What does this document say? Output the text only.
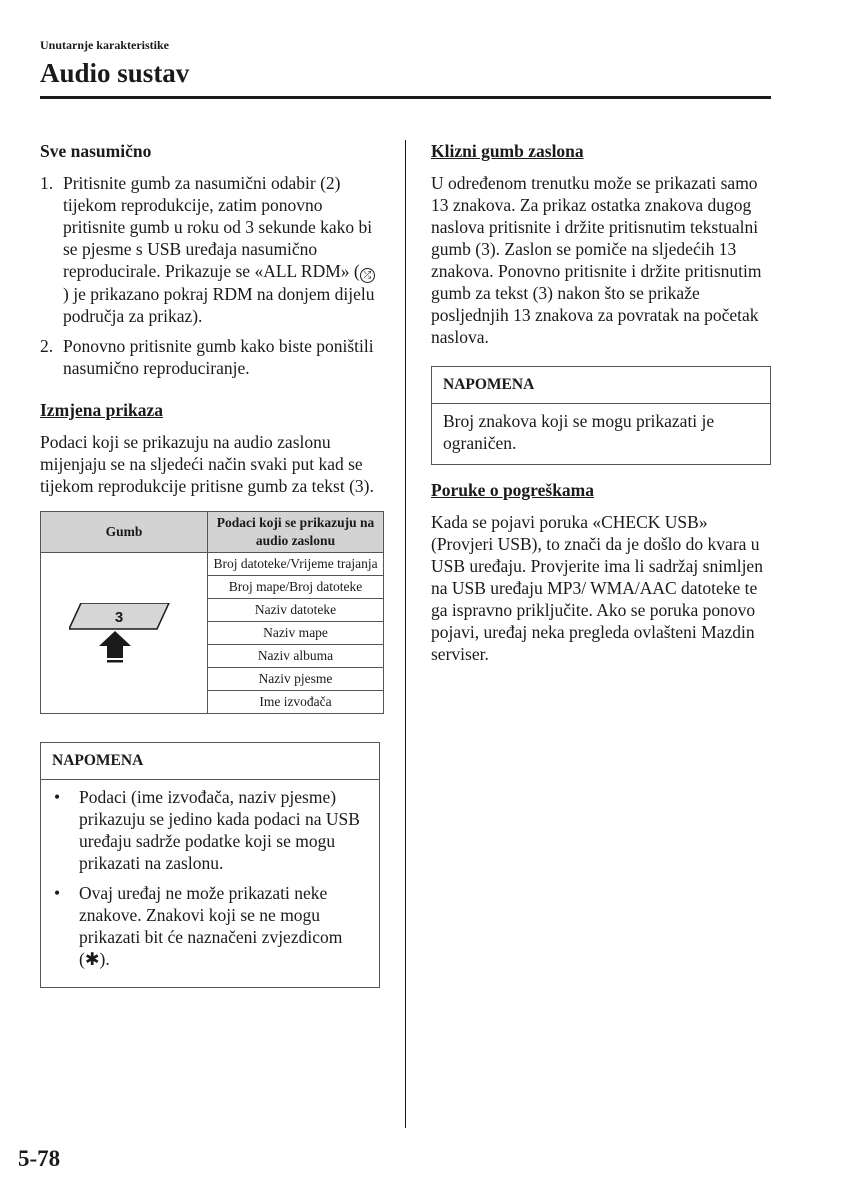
Unutarnje karakteristike
Audio sustav
Sve nasumično
1. Pritisnite gumb za nasumični odabir (2) tijekom reprodukcije, zatim ponovno pritisnite gumb u roku od 3 sekunde kako bi se pjesme s USB uređaja nasumično reproducirale. Prikazuje se «ALL RDM» ( ⤮) je prikazano pokraj RDM na donjem dijelu područja za prikaz).
2. Ponovno pritisnite gumb kako biste poništili nasumično reproduciranje.
Izmjena prikaza

Podaci koji se prikazuju na audio zaslonu mijenjaju se na sljedeći način svaki put kad se tijekom reprodukcije pritisne gumb za tekst (3).

Gumb	Podaci koji se prikazuju na audio zaslonu

3	Broj datoteke/Vrijeme trajanja
	Broj mape/Broj datoteke
	Naziv datoteke
	Naziv mape
	Naziv albuma
	Naziv pjesme
	Ime izvođača
NAPOMENA
•	Podaci (ime izvođača, naziv pjesme) prikazuju se jedino kada podaci na USB uređaju sadrže podatke koji se mogu prikazati na zaslonu.
•	Ovaj uređaj ne može prikazati neke znakove. Znakovi koji se ne mogu prikazati bit će naznačeni zvjezdicom (✱).
Klizni gumb zaslona

U određenom trenutku može se prikazati samo 13 znakova. Za prikaz ostatka znakova dugog naslova pritisnite i držite pritisnutim tekstualni gumb (3). Zaslon se pomiče na sljedećih 13 znakova. Ponovno pritisnite i držite pritisnutim gumb za tekst (3) nakon što se prikaže posljednjih 13 znakova za povratak na početak naslova.

NAPOMENA

Broj znakova koji se mogu prikazati je ograničen.

Poruke o pogreškama

Kada se pojavi poruka «CHECK USB» (Provjeri USB), to znači da je došlo do kvara u USB uređaju. Provjerite ima li sadržaj snimljen na USB uređaju MP3/ WMA/AAC datoteke te ga ispravno priključite. Ako se poruka ponovo pojavi, uređaj neka pregleda ovlašteni Mazdin serviser.

5-78
